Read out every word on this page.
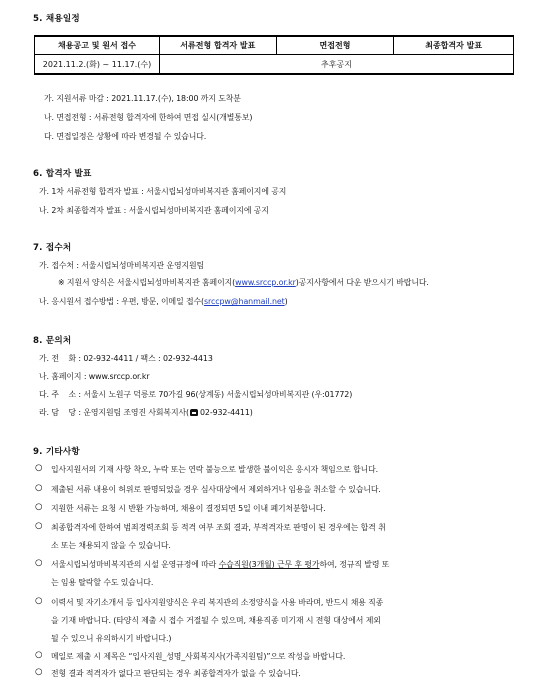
5. 채용일정
채용공고 및 원서 접수	서류전형 합격자 발표	면접전형	최종합격자 발표
2021.11.2.(화) ~ 11.17.(수)	추후공지		
가. 지원서류 마감 : 2021.11.17.(수), 18:00 까지 도착분
나. 면접전형 : 서류전형 합격자에 한하여 면접 실시(개별통보)
다. 면접일정은 상황에 따라 변경될 수 있습니다.
6. 합격자 발표
가. 1차 서류전형 합격자 발표 : 서울시립뇌성마비복지관 홈페이지에 공지
나. 2차 최종합격자 발표 : 서울시립뇌성마비복지관 홈페이지에 공지
7. 접수처
가. 접수처 : 서울시립뇌성마비복지관 운영지원팀
※ 지원서 양식은 서울시립뇌성마비복지관 홈페이지(www.srccp.or.kr)공지사항에서 다운 받으시기 바랍니다.
나. 응시원서 접수방법 : 우편, 방문, 이메일 접수(srccpw@hanmail.net)
8. 문의처
가. 전    화 : 02-932-4411 / 팩스 : 02-932-4413
나. 홈페이지 : www.srccp.or.kr
다. 주    소 : 서울시 노원구 덕릉로 70가길 96(상계동) 서울시립뇌성마비복지관 (우:01772)
라. 담    당 : 운영지원팀 조영진 사회복지사( 02-932-4411)
9. 기타사항
○ 입사지원서의 기재 사항 착오, 누락 또는 연락 불능으로 발생한 불이익은 응시자 책임으로 합니다.
○ 제출된 서류 내용이 허위로 판명되었을 경우 심사대상에서 제외하거나 임용을 취소할 수 있습니다.
○ 지원한 서류는 요청 시 반환 가능하며, 채용이 결정되면 5일 이내 폐기처분합니다.
○ 최종합격자에 한하여 범죄경력조회 등 적격 여부 조회 결과, 부적격자로 판명이 된 경우에는 합격 취
소 또는 채용되지 않을 수 있습니다.
○ 서울시립뇌성마비복지관의 시설 운영규정에 따라 수습직원(3개월) 근무 후 평가하여, 정규직 발령 또
는 임용 탈락할 수도 있습니다.
○ 이력서 및 자기소개서 등 입사지원양식은 우리 복지관의 소정양식을 사용 바라며, 반드시 채용 직종
을 기재 바랍니다. (타양식 제출 시 접수 거절될 수 있으며, 채용직종 미기재 시 전형 대상에서 제외
될 수 있으니 유의하시기 바랍니다.)
○ 메일로 제출 시 제목은 “입사지원_성명_사회복지사(가족지원팀)”으로 작성을 바랍니다.
○ 전형 결과 적격자가 없다고 판단되는 경우 최종합격자가 없을 수 있습니다.
